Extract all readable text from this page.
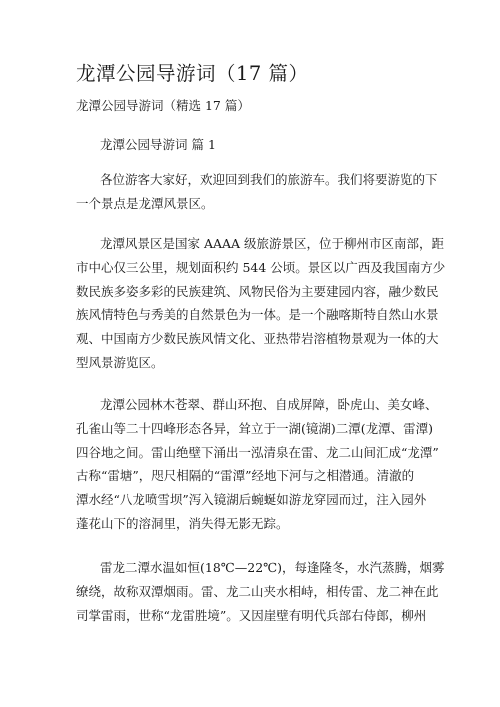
龙潭公园导游词（17 篇）
龙潭公园导游词（精选 17 篇）
龙潭公园导游词 篇 1

各位游客大家好，欢迎回到我们的旅游车。我们将要游览的下
一个景点是龙潭风景区。

龙潭风景区是国家 AAAA 级旅游景区，位于柳州市区南部，距
市中心仅三公里，规划面积约 544 公顷。景区以广西及我国南方少
数民族多姿多彩的民族建筑、风物民俗为主要建园内容，融少数民
族风情特色与秀美的自然景色为一体。是一个融喀斯特自然山水景
观、中国南方少数民族风情文化、亚热带岩溶植物景观为一体的大
型风景游览区。

龙潭公园林木苍翠、群山环抱、自成屏障，卧虎山、美女峰、
孔雀山等二十四峰形态各异，耸立于一湖(镜湖)二潭(龙潭、雷潭)
四谷地之间。雷山绝壁下涌出一泓清泉在雷、龙二山间汇成“龙潭”
古称“雷塘”，咫尺相隔的“雷潭”经地下河与之相潜通。清澈的
潭水经“八龙喷雪坝”泻入镜湖后蜿蜒如游龙穿园而过，注入园外
蓬花山下的溶洞里，消失得无影无踪。

雷龙二潭水温如恒(18℃—22℃)，每逢隆冬，水汽蒸腾，烟雾
缭绕，故称双潭烟雨。雷、龙二山夹水相峙，相传雷、龙二神在此
司掌雷雨，世称“龙雷胜境”。又因崖壁有明代兵部右侍郎，柳州
